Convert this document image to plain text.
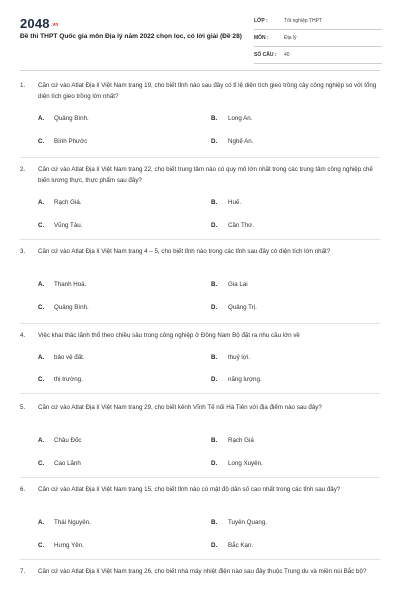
2048.vn
Đề thi THPT Quốc gia môn Địa lý năm 2022 chọn lọc, có lời giải (Đề 28)
LỚP :	Tốt nghiệp THPT
MÔN :	Địa lý
SỐ CÂU : 40
1. Căn cứ vào Atlat Địa lí Việt Nam trang 19, cho biết tỉnh nào sau đây có tỉ lệ diện tích gieo trồng cây công nghiệp so với tổng diện tích gieo trồng lớn nhất?
A. Quảng Bình.	B. Long An.
C. Bình Phước	D. Nghệ An.
2. Căn cứ vào Atlat Địa lí Việt Nam trang 22, cho biết trung tâm nào có quy mô lớn nhất trong các trung tâm công nghiệp chế biến lương thực, thực phẩm sau đây?
A. Rạch Giá.	B. Huế.
C. Vũng Tàu.	D. Cần Thơ.
3. Căn cứ vào Atlat Địa lí Việt Nam trang 4 – 5, cho biết tỉnh nào trong các tỉnh sau đây có diện tích lớn nhất?
A. Thanh Hoá.	B. Gia Lai
C. Quảng Bình.	D. Quảng Trị.
4. Việc khai thác lãnh thổ theo chiều sâu trong công nghiệp ở Đông Nam Bộ đặt ra nhu cầu lớn về
A. bảo vệ đất.	B. thuỷ lợi.
C. thị trường.	D. năng lượng.
5. Căn cứ vào Atlat Địa lí Việt Nam trang 29, cho biết kênh Vĩnh Tế nối Hà Tiên với địa điểm nào sau đây?
A. Châu Đốc	B. Rạch Giá
C. Cao Lãnh	D. Long Xuyên.
6. Căn cứ vào Atlat Địa lí Việt Nam trang 15, cho biết tỉnh nào có mật độ dân số cao nhất trong các tỉnh sau đây?
A. Thái Nguyên.	B. Tuyên Quang.
C. Hưng Yên.	D. Bắc Kạn.
7. Căn cứ vào Atlat Địa lí Việt Nam trang 26, cho biết nhà máy nhiệt điện nào sau đây thuộc Trung du và miền núi Bắc bộ?
